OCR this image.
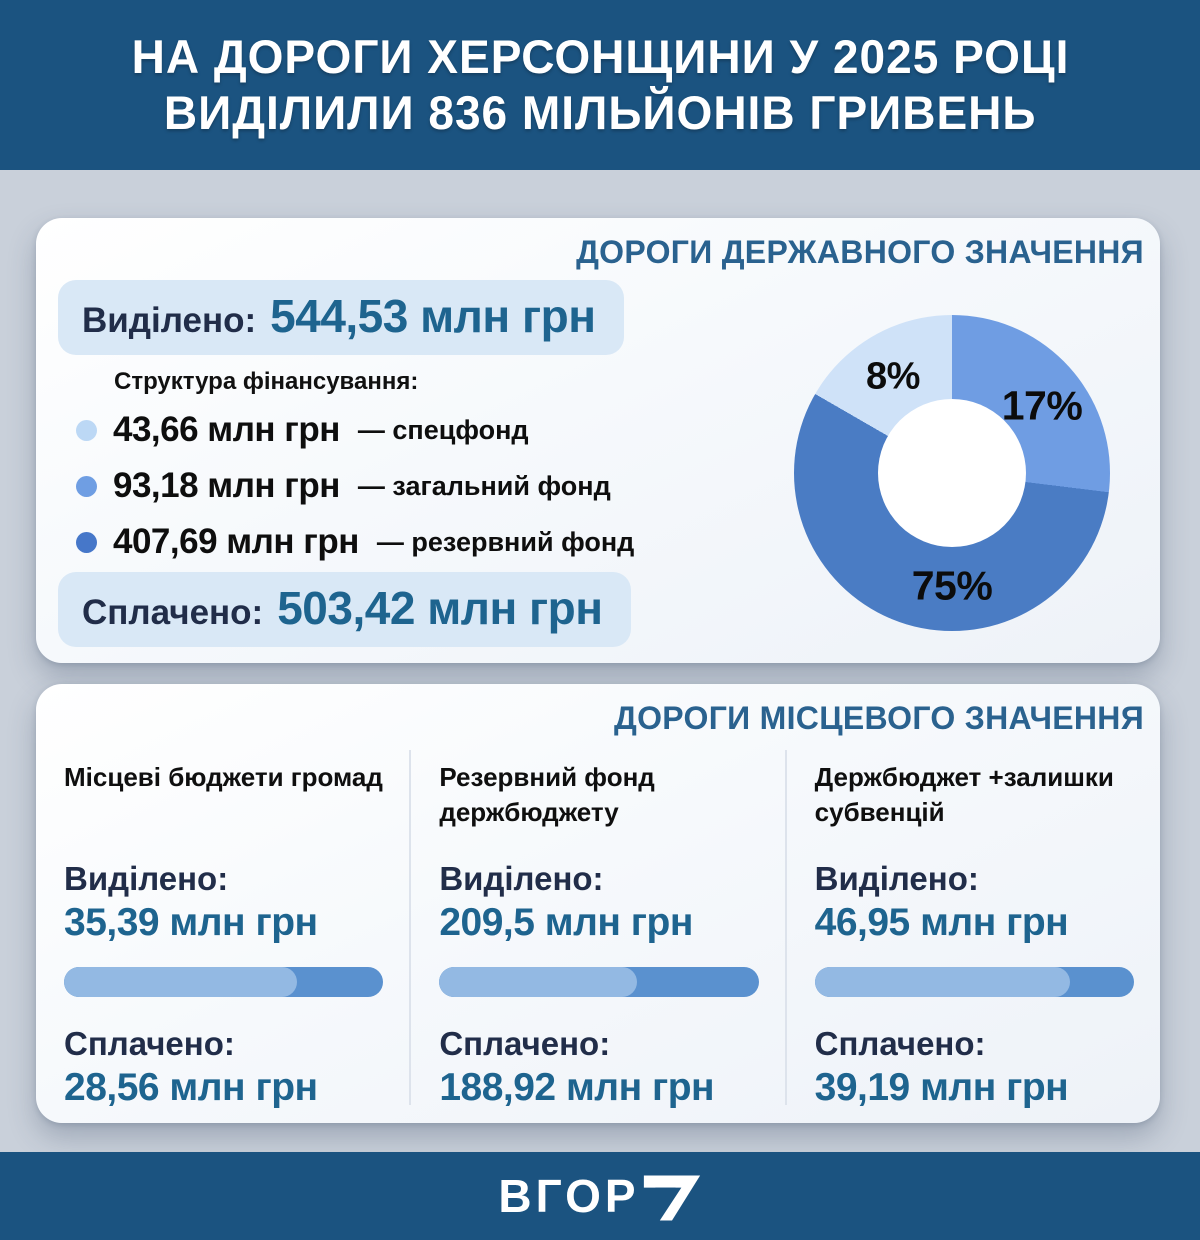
НА ДОРОГИ ХЕРСОНЩИНИ У 2025 РОЦІ
ВИДІЛИЛИ 836 МІЛЬЙОНІВ ГРИВЕНЬ
ДОРОГИ ДЕРЖАВНОГО ЗНАЧЕННЯ
Виділено: 544,53 млн грн
Структура фінансування:
43,66 млн грн — спецфонд
93,18 млн грн — загальний фонд
407,69 млн грн — резервний фонд
Сплачено: 503,42 млн грн
8%
17%
75%
ДОРОГИ МІСЦЕВОГО ЗНАЧЕННЯ
Місцеві бюджети громад
Виділено:
35,39 млн грн
Сплачено:
28,56 млн грн
Резервний фонд держбюджету
Виділено:
209,5 млн грн
Сплачено:
188,92 млн грн
Держбюджет +залишки субвенцій
Виділено:
46,95 млн грн
Сплачено:
39,19 млн грн
ВГОР
